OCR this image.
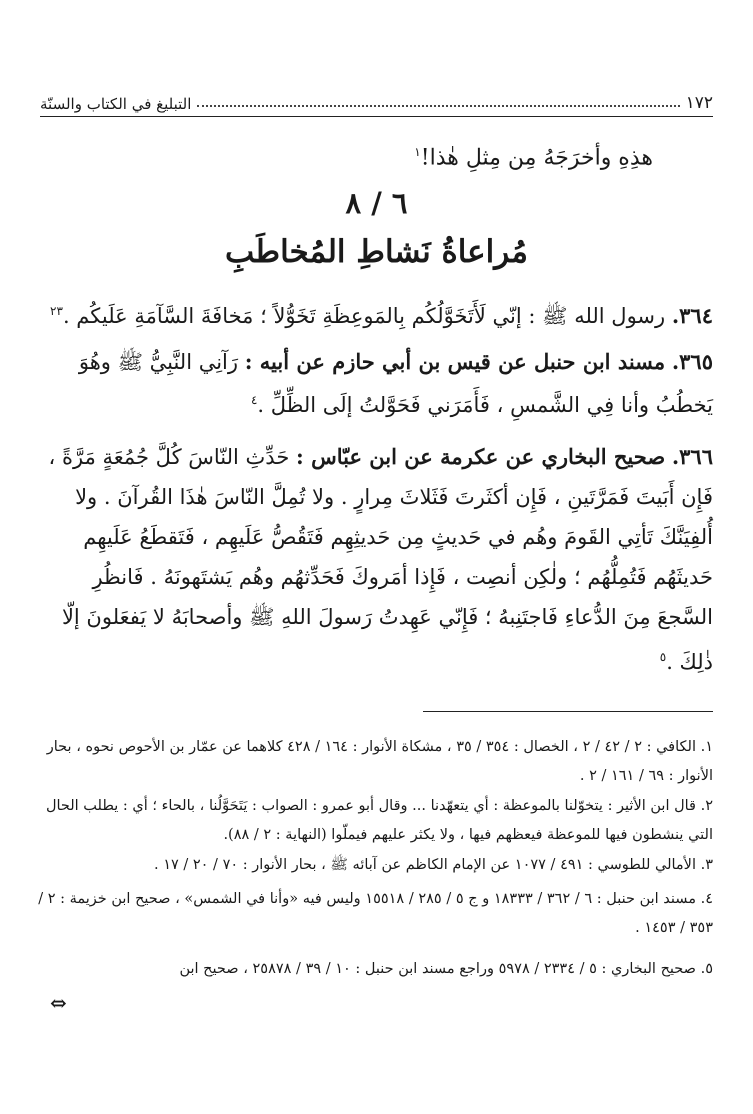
١٧٢
التبليغ في الكتاب والسنّة
هذِهِ وأخرَجَهُ مِن مِثلِ هٰذا!$^١$
٦ / ٨
مُراعاةُ نَشاطِ المُخاطَبِ
٣٦٤. رسول الله ﷺ : إنّي لَأَتَخَوَّلُكُم بِالمَوعِظَةِ تَخَوُّلاً ؛ مَخافَةَ السَّآمَةِ عَلَيكُم .$^{٢٣}$
٣٦٥. مسند ابن حنبل عن قيس بن أبي حازم عن أبيه : رَآنِي النَّبِيُّ ﷺ وهُوَ يَخطُبُ وأنا فِي الشَّمسِ ، فَأَمَرَني فَحَوَّلتُ إلَى الظِّلِّ .$^٤$
٣٦٦. صحيح البخاري عن عكرمة عن ابن عبّاس : حَدِّثِ النّاسَ كُلَّ جُمُعَةٍ مَرَّةً ، فَإِن أَبَيتَ فَمَرَّتَينِ ، فَإِن أكثَرتَ فَثَلاثَ مِرارٍ . ولا تُمِلَّ النّاسَ هٰذَا القُرآنَ . ولا أُلفِيَنَّكَ تَأتِي القَومَ وهُم في حَديثٍ مِن حَديثِهِم فَتَقُصُّ عَلَيهِم ، فَتَقطَعُ عَلَيهِم حَديثَهُم فَتُمِلُّهُم ؛ ولٰكِن أنصِت ، فَإِذا أمَروكَ فَحَدِّثهُم وهُم يَشتَهونَهُ . فَانظُرِ السَّجعَ مِنَ الدُّعاءِ فَاجتَنِبهُ ؛ فَإِنّي عَهِدتُ رَسولَ اللهِ ﷺ وأصحابَهُ لا يَفعَلونَ إلّا ذٰلِكَ .$^٥$
١. الكافي : ٢ / ٤٢ / ٢ ، الخصال : ٣٥٤ / ٣٥ ، مشكاة الأنوار : ١٦٤ / ٤٢٨ كلاهما عن عمّار بن الأحوص نحوه ، بحار الأنوار : ٦٩ / ١٦١ / ٢ .
٢. قال ابن الأثير : يتخوّلنا بالموعظة : أي يتعهّدنا ... وقال أبو عمرو : الصواب : يَتَحَوَّلُنا ، بالحاء ؛ أي : يطلب الحال التي ينشطون فيها للموعظة فيعظهم فيها ، ولا يكثر عليهم فيملّوا (النهاية : ٢ / ٨٨).
٣. الأمالي للطوسي : ٤٩١ / ١٠٧٧ عن الإمام الكاظم عن آبائه ﷺ ، بحار الأنوار : ٧٠ / ٢٠ / ١٧ .
٤. مسند ابن حنبل : ٦ / ٣٦٢ / ١٨٣٣٣ و ج ٥ / ٢٨٥ / ١٥٥١٨ وليس فيه «وأنا في الشمس» ، صحيح ابن خزيمة : ٢ / ٣٥٣ / ١٤٥٣ .
٥. صحيح البخاري : ٥ / ٢٣٣٤ / ٥٩٧٨ وراجع مسند ابن حنبل : ١٠ / ٣٩ / ٢٥٨٧٨ ، صحيح ابن
⇔
